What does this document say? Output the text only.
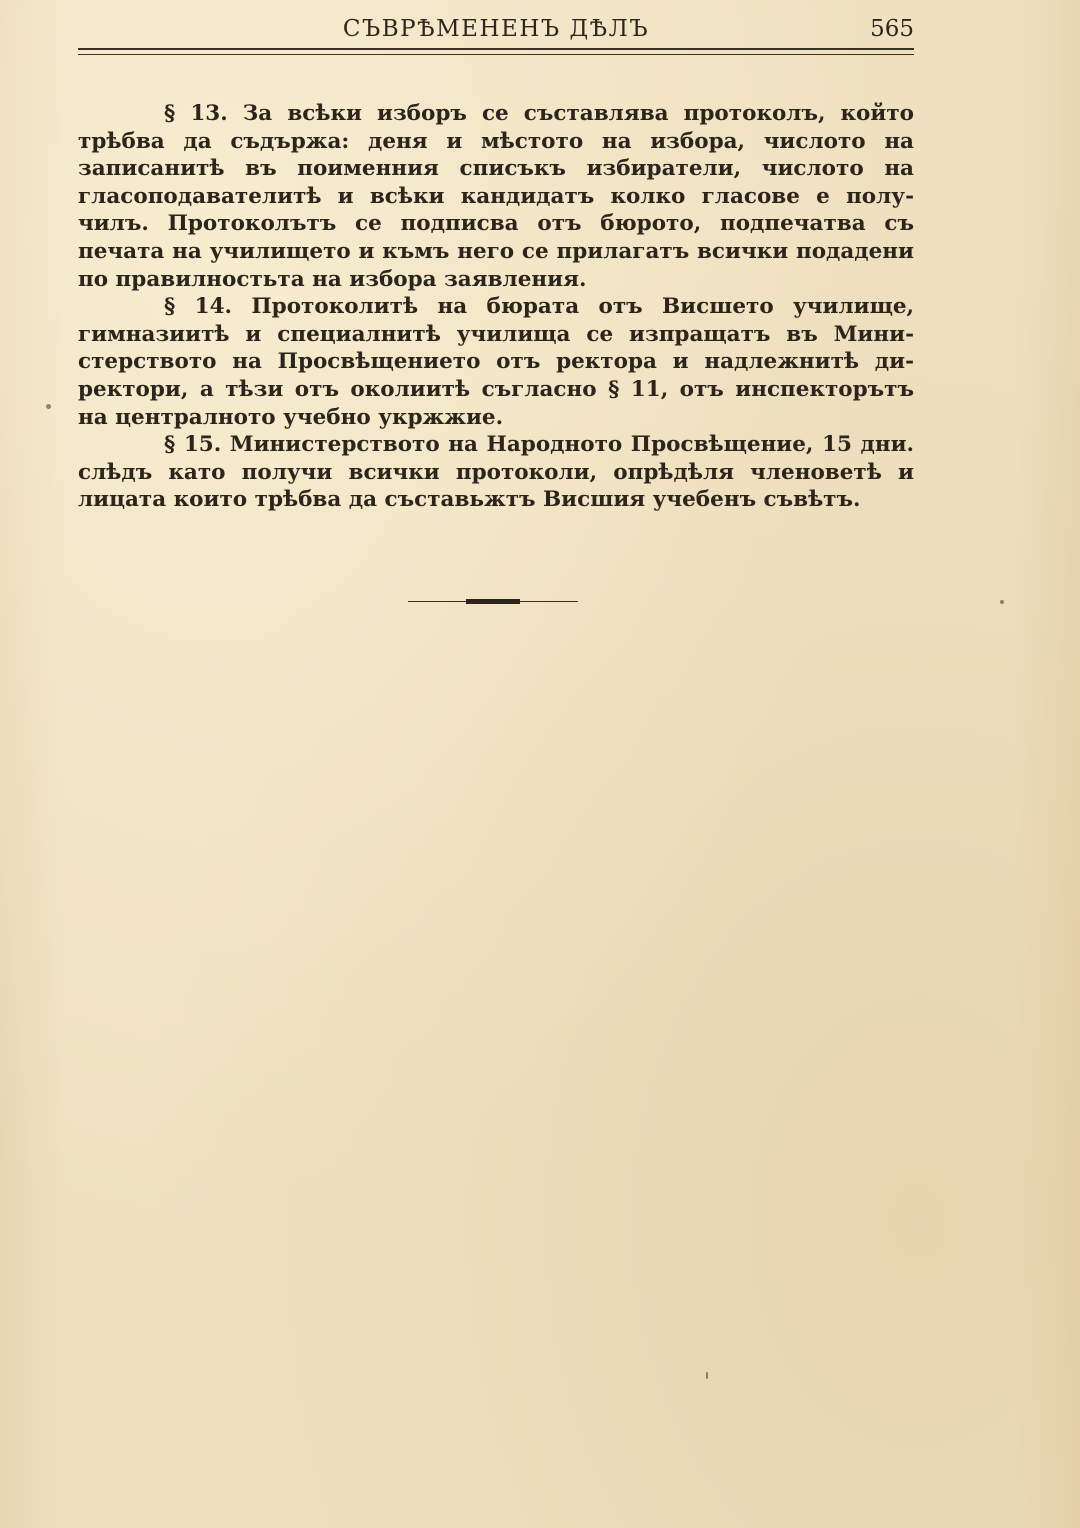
СЪВРѢМЕНЕНЪ ДѢЛЪ	565

§ 13. За всѣки изборъ се съставлява протоколъ, който трѣбва да съдържа: деня и мѣстото на избора, числото на записанитѣ въ поименния списъкъ избиратели, числото на гласоподавателитѣ и всѣки кандидатъ колко гласове е получилъ. Протоколътъ се подписва отъ бюрото, подпечатва съ печата на училището и къмъ него се прилагатъ всички подадени по правилностьта на избора заявления.

§ 14. Протоколитѣ на бюрата отъ Висшето училище, гимназиитѣ и специалнитѣ училища се изпращатъ въ Министерството на Просвѣщението отъ ректора и надлежнитѣ директори, а тѣзи отъ околиитѣ съгласно § 11, отъ инспекторътъ на централното учебно укржжие.

§ 15. Министерството на Народното Просвѣщение, 15 дни. слѣдъ като получи всички протоколи, опрѣдѣля членоветѣ и лицата които трѣбва да съставьжтъ Висшия учебенъ съвѣтъ.
